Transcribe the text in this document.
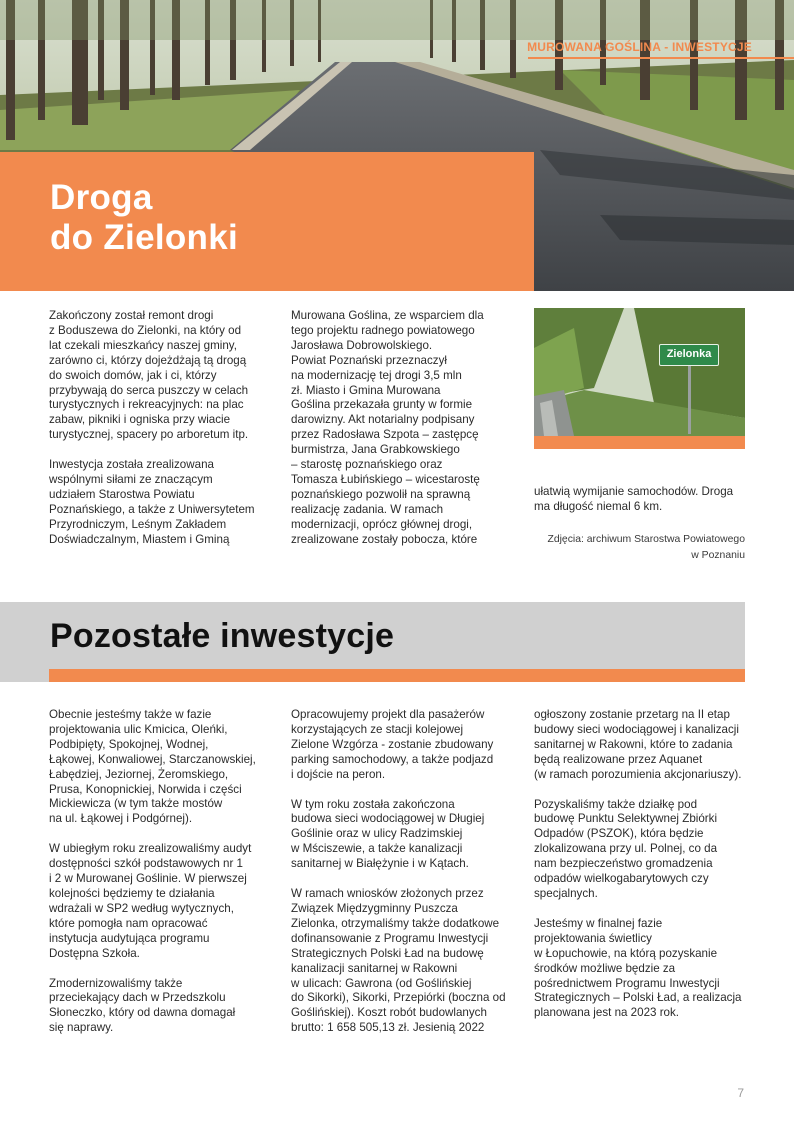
MUROWANA GOŚLINA - INWESTYCJE
Droga
do Zielonki

Zakończony został remont drogi
z Boduszewa do Zielonki, na który od
lat czekali mieszkańcy naszej gminy,
zarówno ci, którzy dojeżdżają tą drogą
do swoich domów, jak i ci, którzy
przybywają do serca puszczy w celach
turystycznych i rekreacyjnych: na plac
zabaw, pikniki i ogniska przy wiacie
turystycznej, spacery po arboretum itp.

Inwestycja została zrealizowana
wspólnymi siłami ze znaczącym
udziałem Starostwa Powiatu
Poznańskiego, a także z Uniwersytetem
Przyrodniczym, Leśnym Zakładem
Doświadczalnym, Miastem i Gminą

Murowana Goślina, ze wsparciem dla
tego projektu radnego powiatowego
Jarosława Dobrowolskiego.
Powiat Poznański przeznaczył
na modernizację tej drogi 3,5 mln
zł. Miasto i Gmina Murowana
Goślina przekazała grunty w formie
darowizny. Akt notarialny podpisany
przez Radosława Szpota – zastępcę
burmistrza, Jana Grabkowskiego
– starostę poznańskiego oraz
Tomasza Łubińskiego – wicestarostę
poznańskiego pozwolił na sprawną
realizację zadania. W ramach
modernizacji, oprócz głównej drogi,
zrealizowane zostały pobocza, które

Zielonka

ułatwią wymijanie samochodów. Droga
ma długość niemal 6 km.

Zdjęcia: archiwum Starostwa Powiatowego
w Poznaniu
Pozostałe inwestycje

Obecnie jesteśmy także w fazie
projektowania ulic Kmicica, Oleńki,
Podbipięty, Spokojnej, Wodnej,
Łąkowej, Konwaliowej, Starczanowskiej,
Łabędziej, Jeziornej, Żeromskiego,
Prusa, Konopnickiej, Norwida i części
Mickiewicza (w tym także mostów
na ul. Łąkowej i Podgórnej).

W ubiegłym roku zrealizowaliśmy audyt
dostępności szkół podstawowych nr 1
i 2 w Murowanej Goślinie. W pierwszej
kolejności będziemy te działania
wdrażali w SP2 według wytycznych,
które pomogła nam opracować
instytucja audytująca programu
Dostępna Szkoła.

Zmodernizowaliśmy także
przeciekający dach w Przedszkolu
Słoneczko, który od dawna domagał
się naprawy.

Opracowujemy projekt dla pasażerów
korzystających ze stacji kolejowej
Zielone Wzgórza - zostanie zbudowany
parking samochodowy, a także podjazd
i dojście na peron.

W tym roku została zakończona
budowa sieci wodociągowej w Długiej
Goślinie oraz w ulicy Radzimskiej
w Mściszewie, a także kanalizacji
sanitarnej w Białężynie i w Kątach.

W ramach wniosków złożonych przez
Związek Międzygminny Puszcza
Zielonka, otrzymaliśmy także dodatkowe
dofinansowanie z Programu Inwestycji
Strategicznych Polski Ład na budowę
kanalizacji sanitarnej w Rakowni
w ulicach: Gawrona (od Goślińskiej
do Sikorki), Sikorki, Przepiórki (boczna od
Goślińskiej). Koszt robót budowlanych
brutto: 1 658 505,13 zł. Jesienią 2022

ogłoszony zostanie przetarg na II etap
budowy sieci wodociągowej i kanalizacji
sanitarnej w Rakowni, które to zadania
będą realizowane przez Aquanet
(w ramach porozumienia akcjonariuszy).

Pozyskaliśmy także działkę pod
budowę Punktu Selektywnej Zbiórki
Odpadów (PSZOK), która będzie
zlokalizowana przy ul. Polnej, co da
nam bezpieczeństwo gromadzenia
odpadów wielkogabarytowych czy
specjalnych.

Jesteśmy w finalnej fazie
projektowania świetlicy
w Łopuchowie, na którą pozyskanie
środków możliwe będzie za
pośrednictwem Programu Inwestycji
Strategicznych – Polski Ład, a realizacja
planowana jest na 2023 rok.

7
